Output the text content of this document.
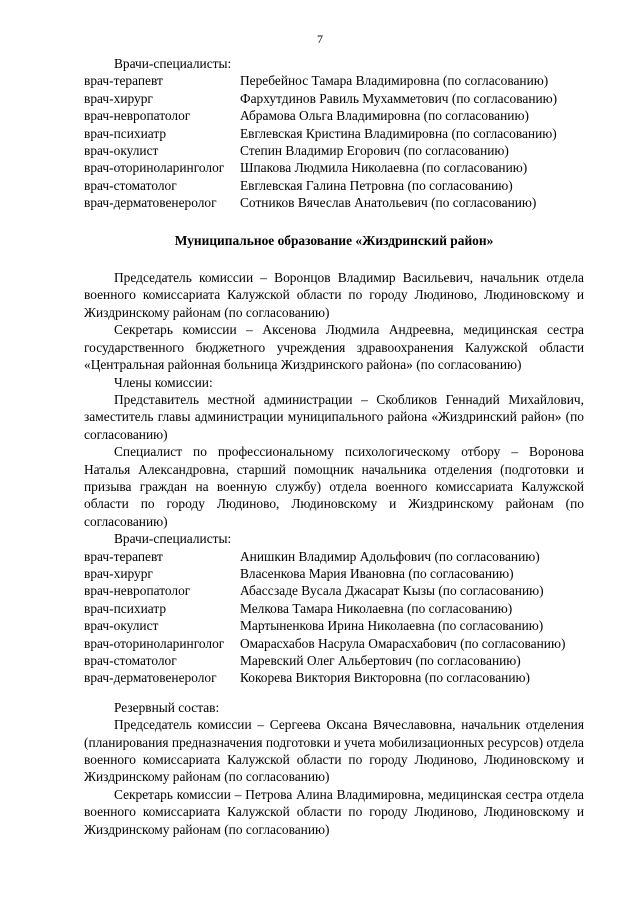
7

Врачи-специалисты:

врач-терапевт	Перебейнос Тамара Владимировна (по согласованию)
врач-хирург	Фархутдинов Равиль Мухамметович (по согласованию)
врач-невропатолог	Абрамова Ольга Владимировна (по согласованию)
врач-психиатр	Евглевская Кристина Владимировна (по согласованию)
врач-окулист	Степин Владимир Егорович (по согласованию)
врач-оториноларинголог	Шпакова Людмила Николаевна (по согласованию)
врач-стоматолог	Евглевская Галина Петровна (по согласованию)
врач-дерматовенеролог	Сотников Вячеслав Анатольевич (по согласованию)

Муниципальное образование «Жиздринский район»

Председатель комиссии – Воронцов Владимир Васильевич, начальник отдела военного комиссариата Калужской области по городу Людиново, Людиновскому и Жиздринскому районам (по согласованию)

Секретарь комиссии – Аксенова Людмила Андреевна, медицинская сестра государственного бюджетного учреждения здравоохранения Калужской области «Центральная районная больница Жиздринского района» (по согласованию)

Члены комиссии:

Представитель местной администрации – Скобликов Геннадий Михайлович, заместитель главы администрации муниципального района «Жиздринский район» (по согласованию)

Специалист по профессиональному психологическому отбору – Воронова Наталья Александровна, старший помощник начальника отделения (подготовки и призыва граждан на военную службу) отдела военного комиссариата Калужской области по городу Людиново, Людиновскому и Жиздринскому районам (по согласованию)

Врачи-специалисты:

врач-терапевт	Анишкин Владимир Адольфович (по согласованию)
врач-хирург	Власенкова Мария Ивановна (по согласованию)
врач-невропатолог	Абассзаде Вусала Джасарат Кызы (по согласованию)
врач-психиатр	Мелкова Тамара Николаевна (по согласованию)
врач-окулист	Мартыненкова Ирина Николаевна (по согласованию)
врач-оториноларинголог	Омарасхабов Насрула Омарасхабович (по согласованию)
врач-стоматолог	Маревский Олег Альбертович (по согласованию)
врач-дерматовенеролог	Кокорева Виктория Викторовна (по согласованию)

Резервный состав:

Председатель комиссии – Сергеева Оксана Вячеславовна, начальник отделения (планирования предназначения подготовки и учета мобилизационных ресурсов) отдела военного комиссариата Калужской области по городу Людиново, Людиновскому и Жиздринскому районам (по согласованию)

Секретарь комиссии – Петрова Алина Владимировна, медицинская сестра отдела военного комиссариата Калужской области по городу Людиново, Людиновскому и Жиздринскому районам (по согласованию)
